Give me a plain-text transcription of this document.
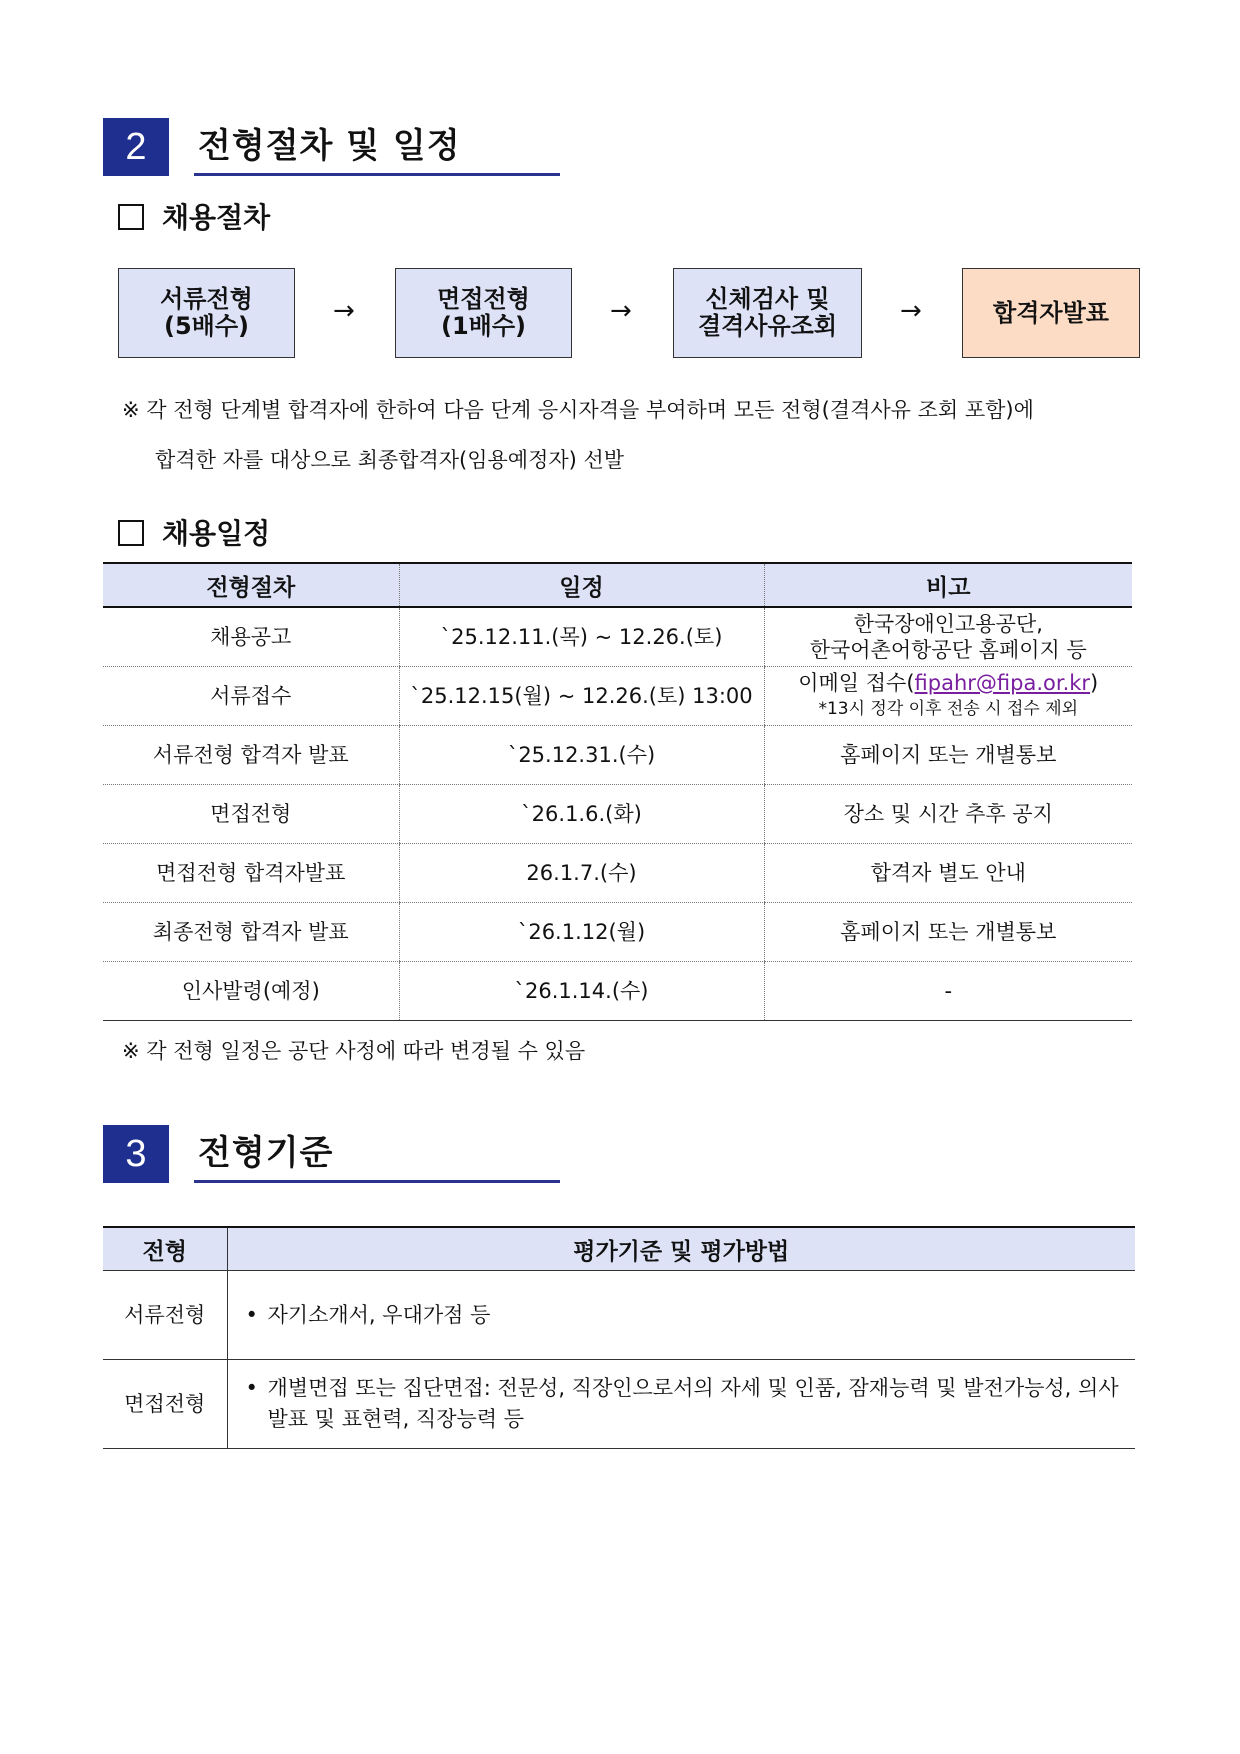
2	전형절차 및 일정
채용절차
서류전형
(5배수)	→	면접전형
(1배수)	→	신체검사 및
결격사유조회 →	합격자발표
※ 각 전형 단계별 합격자에 한하여 다음 단계 응시자격을 부여하며 모든 전형(결격사유 조회 포함)에
합격한 자를 대상으로 최종합격자(임용예정자) 선발
채용일정
전형절차	일정	비고
채용공고	`25.12.11.(목) ~ 12.26.(토)	한국장애인고용공단,
한국어촌어항공단 홈페이지 등

서류접수	`25.12.15(월) ~ 12.26.(토) 13:00	이메일 접수(fipahr@fipa.or.kr)
*13시 정각 이후 전송 시 접수 제외

서류전형 합격자 발표	`25.12.31.(수)	홈페이지 또는 개별통보
면접전형	`26.1.6.(화)	장소 및 시간 추후 공지
면접전형 합격자발표	26.1.7.(수)	합격자 별도 안내
최종전형 합격자 발표	`26.1.12(월)	홈페이지 또는 개별통보
인사발령(예정)	`26.1.14.(수)	-
※ 각 전형 일정은 공단 사정에 따라 변경될 수 있음
3	전형기준
전형	평가기준 및 평가방법
서류전형	• 자기소개서, 우대가점 등

면접전형	• 개별면접 또는 집단면접: 전문성, 직장인으로서의 자세 및 인품, 잠재능력 및 발전가능성, 의사발표 및 표현력, 직장능력 등
